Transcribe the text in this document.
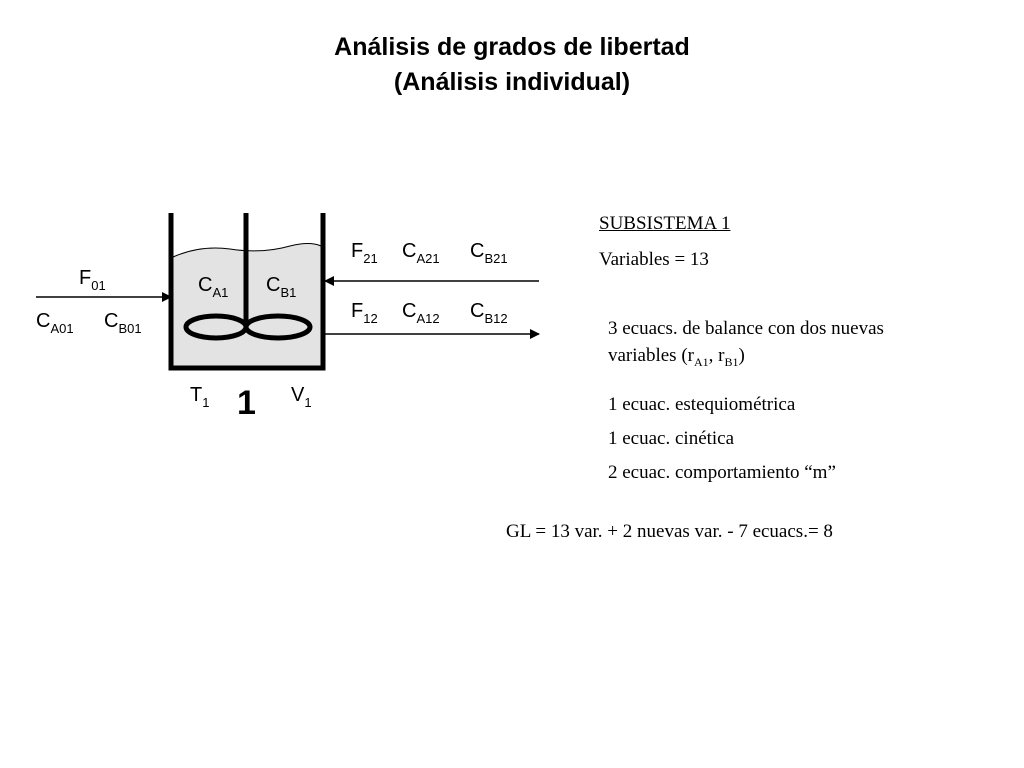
Análisis de grados de libertad
(Análisis individual)
$F_{01}$
$C_{A01}$ $C_{B01}$
$C_{A1}$ $C_{B1}$
$F_{21}$ $C_{A21}$ $C_{B21}$
$F_{12}$ $C_{A12}$ $C_{B12}$
$T_1$	$V_1$
1
SUBSISTEMA 1
Variables = 13
3 ecuacs. de balance con dos nuevas
variables ($r_{A1}$, $r_{B1}$)
1 ecuac. estequiométrica
1 ecuac. cinética
2 ecuac. comportamiento “m”
GL = 13 var. + 2 nuevas var. - 7 ecuacs.= 8
